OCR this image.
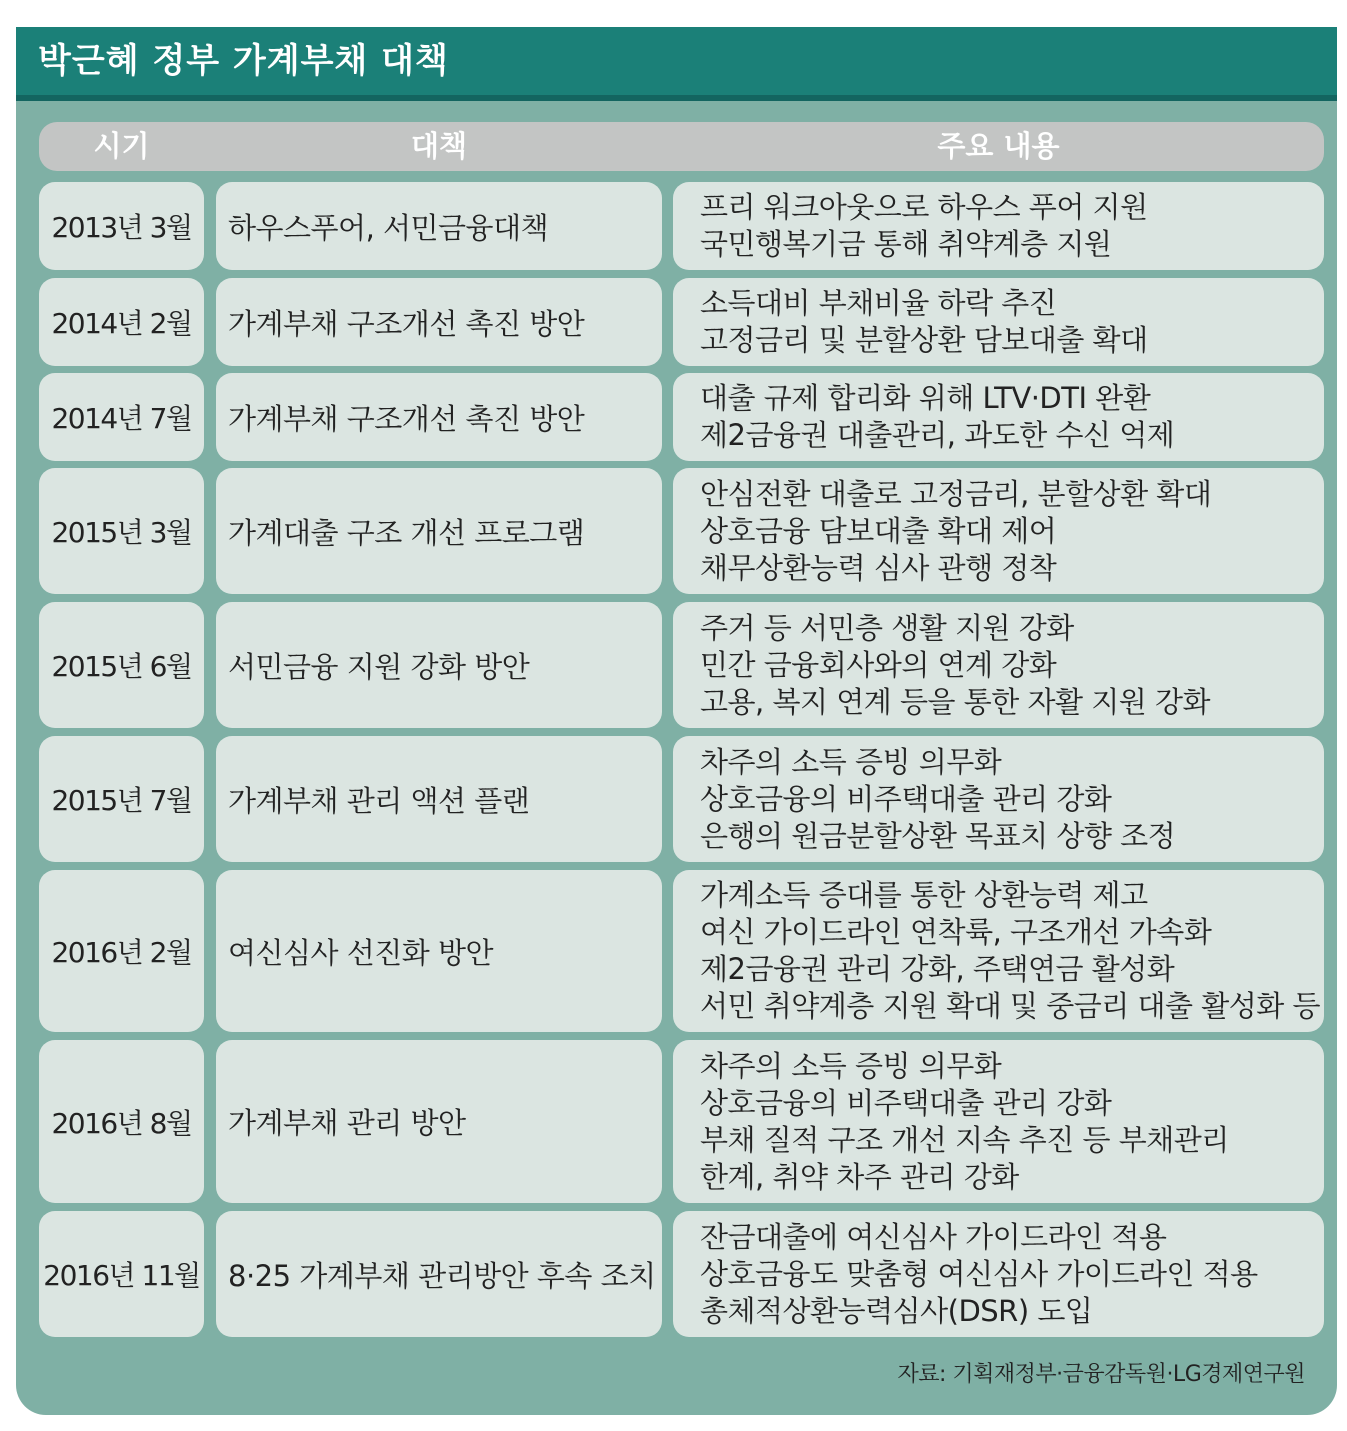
박근혜 정부 가계부채 대책
시기	대책	주요 내용
2013년 3월	하우스푸어, 서민금융대책
프리 워크아웃으로 하우스 푸어 지원
국민행복기금 통해 취약계층 지원
2014년 2월	가계부채 구조개선 촉진 방안
소득대비 부채비율 하락 추진
고정금리 및 분할상환 담보대출 확대
2014년 7월	가계부채 구조개선 촉진 방안
대출 규제 합리화 위해 LTV·DTI 완환
제2금융권 대출관리, 과도한 수신 억제
2015년 3월	가계대출 구조 개선 프로그램
안심전환 대출로 고정금리, 분할상환 확대
상호금융 담보대출 확대 제어
채무상환능력 심사 관행 정착
2015년 6월	서민금융 지원 강화 방안
주거 등 서민층 생활 지원 강화
민간 금융회사와의 연계 강화
고용, 복지 연계 등을 통한 자활 지원 강화
2015년 7월	가계부채 관리 액션 플랜
차주의 소득 증빙 의무화
상호금융의 비주택대출 관리 강화
은행의 원금분할상환 목표치 상향 조정
2016년 2월	여신심사 선진화 방안
가계소득 증대를 통한 상환능력 제고
여신 가이드라인 연착륙, 구조개선 가속화
제2금융권 관리 강화, 주택연금 활성화
서민 취약계층 지원 확대 및 중금리 대출 활성화 등
2016년 8월	가계부채 관리 방안
차주의 소득 증빙 의무화
상호금융의 비주택대출 관리 강화
부채 질적 구조 개선 지속 추진 등 부채관리
한계, 취약 차주 관리 강화
2016년 11월 8·25 가계부채 관리방안 후속 조치
잔금대출에 여신심사 가이드라인 적용
상호금융도 맞춤형 여신심사 가이드라인 적용
총체적상환능력심사(DSR) 도입
자료: 기획재정부·금융감독원·LG경제연구원
